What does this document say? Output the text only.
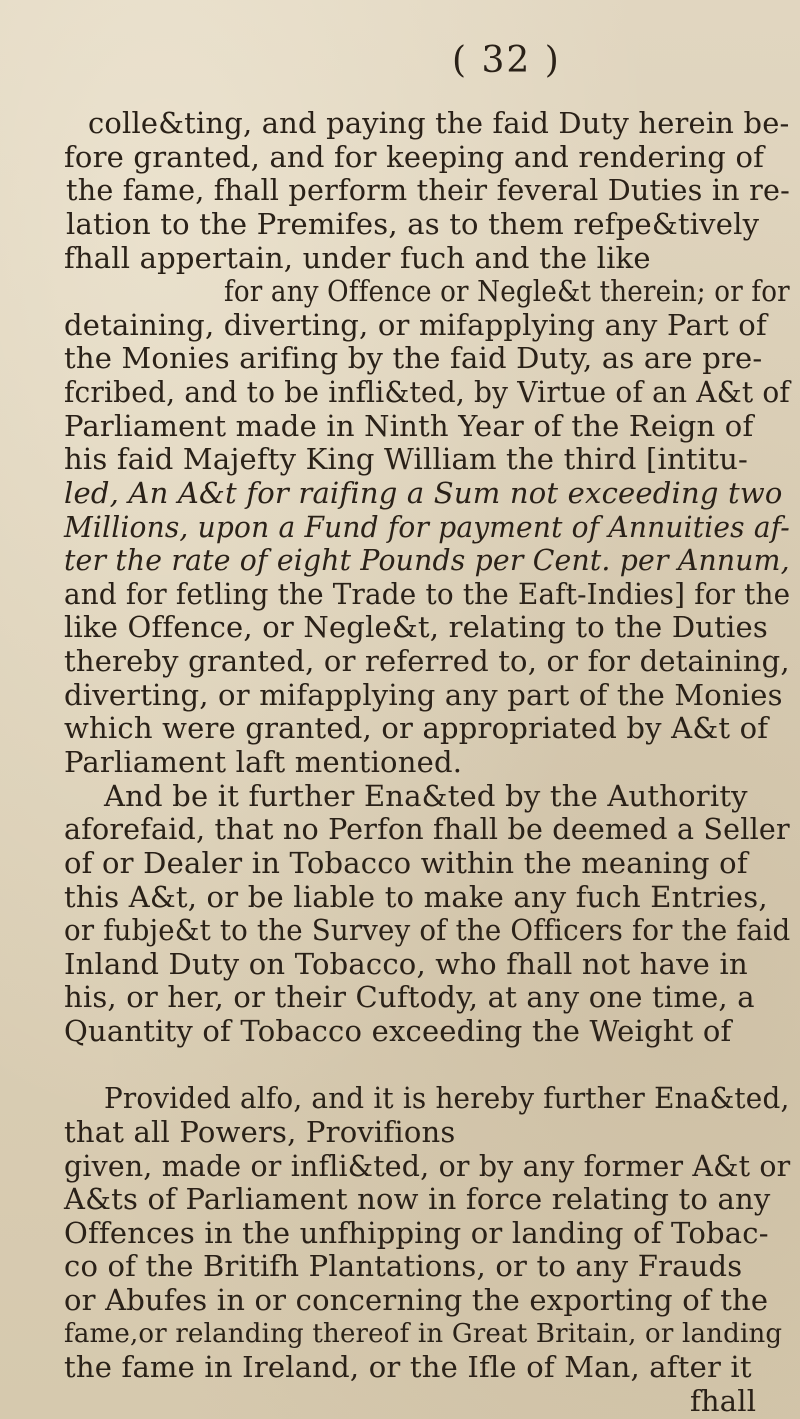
( 32 )
colle&ting, and paying the faid Duty herein be-
fore granted, and for keeping and rendering of
the fame, fhall perform their feveral Duties in re-
lation to the Premifes, as to them refpe&tively
fhall appertain, under fuch and the like
for any Offence or Negle&t therein; or for
detaining, diverting, or mifapplying any Part of
the Monies arifing by the faid Duty, as are pre-
fcribed, and to be infli&ted, by Virtue of an A&t of
Parliament made in Ninth Year of the Reign of
his faid Majefty King William the third [intitu-
led, An A&t for raifing a Sum not exceeding two
Millions, upon a Fund for payment of Annuities af-
ter the rate of eight Pounds per Cent. per Annum,
and for fetling the Trade to the Eaft-Indies] for the
like Offence, or Negle&t, relating to the Duties
thereby granted, or referred to, or for detaining,
diverting, or mifapplying any part of the Monies
which were granted, or appropriated by A&t of
Parliament laft mentioned.
And be it further Ena&ted by the Authority
aforefaid, that no Perfon fhall be deemed a Seller
of or Dealer in Tobacco within the meaning of
this A&t, or be liable to make any fuch Entries,
or fubje&t to the Survey of the Officers for the faid
Inland Duty on Tobacco, who fhall not have in
his, or her, or their Cuftody, at any one time, a
Quantity of Tobacco exceeding the Weight of
Provided alfo, and it is hereby further Ena&ted,
that all Powers, Provifions
given, made or infli&ted, or by any former A&t or
A&ts of Parliament now in force relating to any
Offences in the unfhipping or landing of Tobac-
co of the Britifh Plantations, or to any Frauds
or Abufes in or concerning the exporting of the
fame,or relanding thereof in Great Britain, or landing
the fame in Ireland, or the Ifle of Man, after it
fhall
